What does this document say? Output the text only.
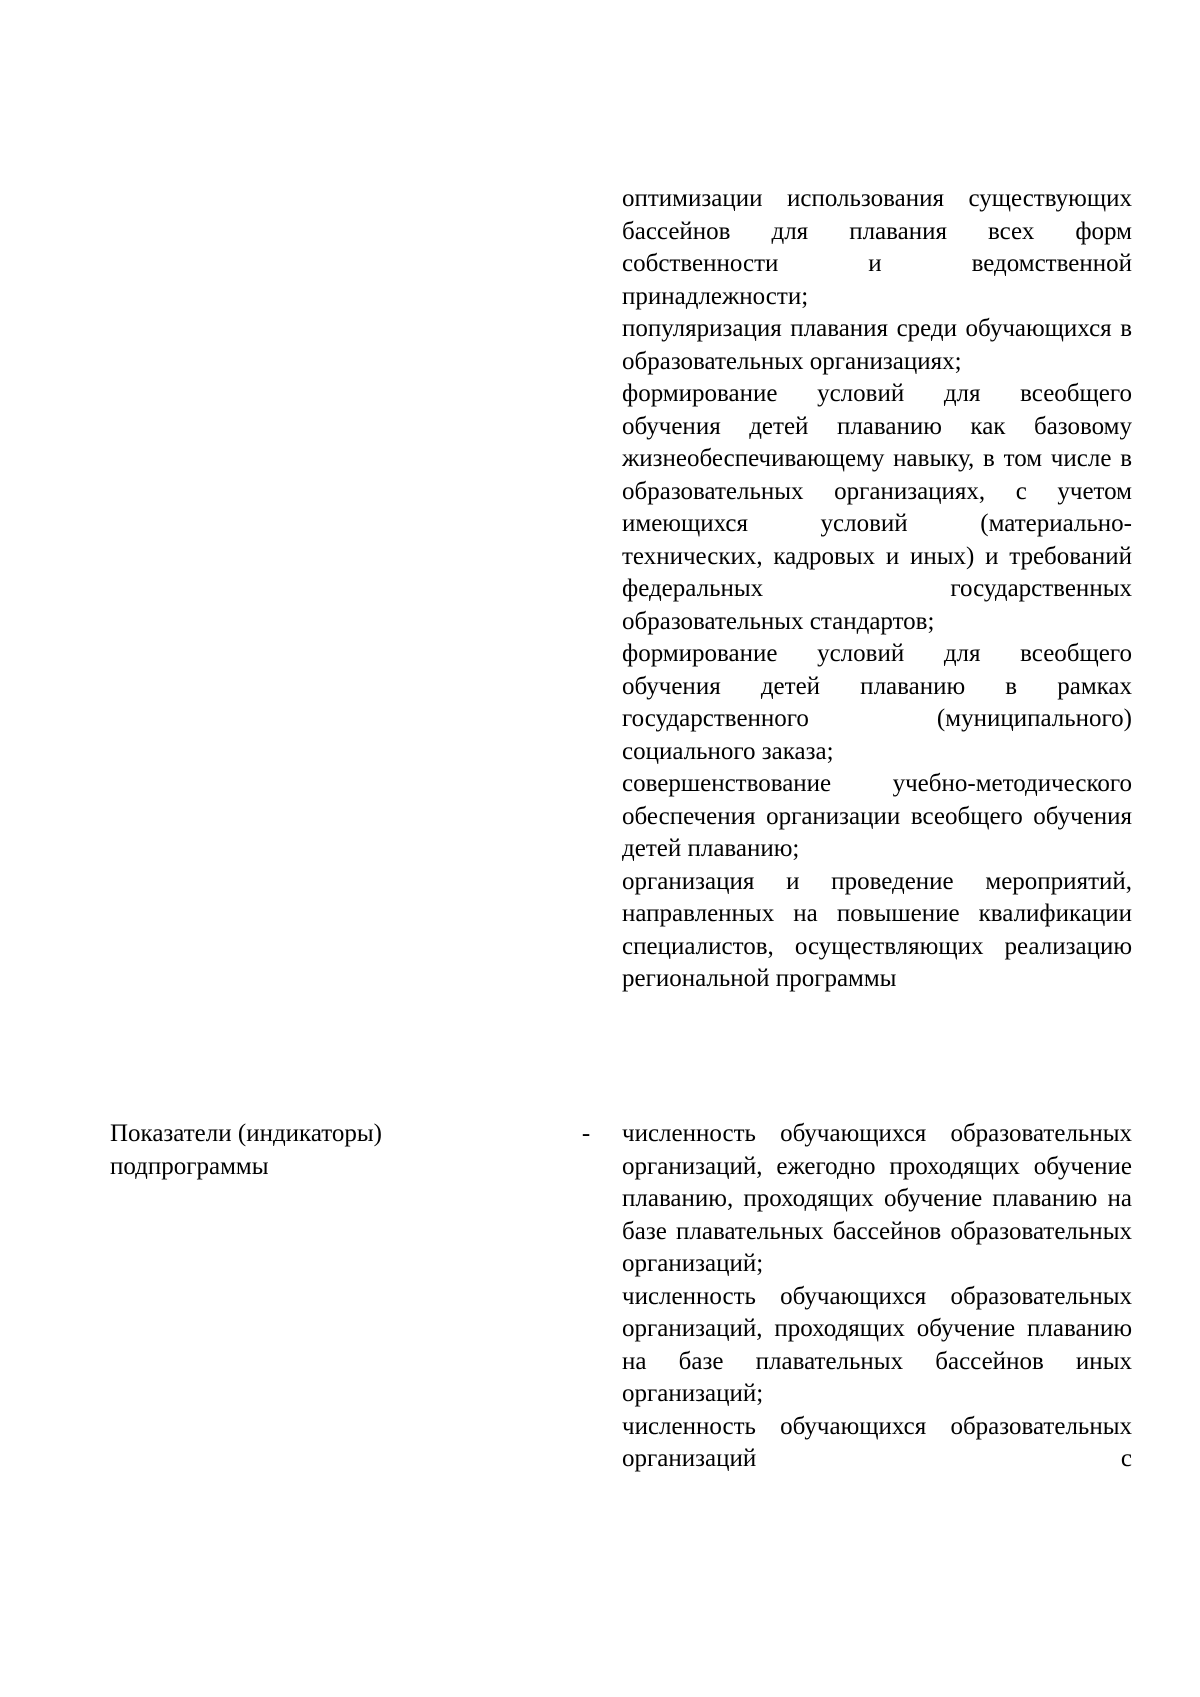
оптимизации использования существующих бассейнов для плавания всех форм собственности и ведомственной принадлежности;

популяризация плавания среди обучающихся в образовательных организациях;

формирование условий для всеобщего обучения детей плаванию как базовому жизнеобеспечивающему навыку, в том числе в образовательных организациях, с учетом имеющихся условий (материально-технических, кадровых и иных) и требований федеральных государственных образовательных стандартов;

формирование условий для всеобщего обучения детей плаванию в рамках государственного (муниципального) социального заказа;

совершенствование учебно-методического обеспечения организации всеобщего обучения детей плаванию;

организация и проведение мероприятий, направленных на повышение квалификации специалистов, осуществляющих реализацию региональной программы

Показатели (индикаторы) подпрограммы

- численность обучающихся образовательных организаций, ежегодно проходящих обучение плаванию, проходящих обучение плаванию на базе плавательных бассейнов образовательных организаций;

численность обучающихся образовательных организаций, проходящих обучение плаванию на базе плавательных бассейнов иных организаций;

численность обучающихся образовательных организаций с
